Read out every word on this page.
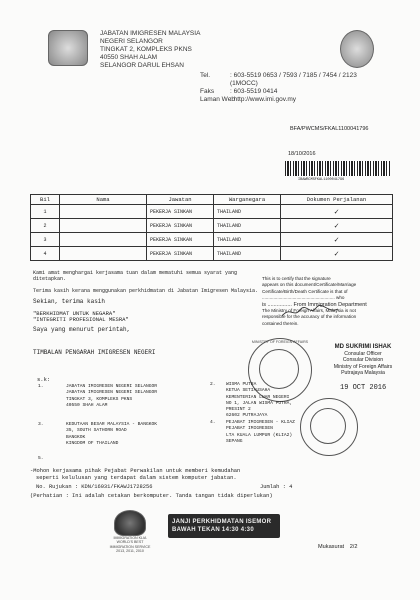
JABATAN IMIGRESEN MALAYSIA
NEGERI SELANGOR
TINGKAT 2, KOMPLEKS PKNS
40550 SHAH ALAM
SELANGOR DARUL EHSAN
Tel.	: 603-5519 0653 / 7593 / 7185 / 7454 / 2123
(1MOCC)
Faks : 603-5519 0414
Laman Web
: http://www.imi.gov.my
BFA/PWCMS/FKAL1100041796
18/10/2016
IBAWBCMSFKAL1100041796
Bil	Nama	Jawatan	Warganegara	Dokumen Perjalanan
1		PEKERJA SINKAN	THAILAND	✓
2		PEKERJA SINKAN	THAILAND	✓
3		PEKERJA SINKAN	THAILAND	✓
4		PEKERJA SINKAN	THAILAND	✓
Kami amat menghargai kerjasama tuan dalam mematuhi semua syarat yang ditetapkan.
Terima kasih kerana menggunakan perkhidmatan di Jabatan Imigresen Malaysia.
Sekian, terima kasih
"BERKHIDMAT UNTUK NEGARA"
"INTEGRITI PROFESIONAL MESRA"
Saya yang menurut perintah,
TIMBALAN PENGARAH IMIGRESEN NEGERI
This is to certify that the signature
appears on this document/Certificate/Marriage
Certificate/Birth/Death Certificate is that of
......................................................... who
is ................ From Immigration Department
The Ministry of Foreign Affairs, Malaysia is not
responsible for the accuracy of the information
contained therein.
MD SUKRIMI ISHAK
Consular Officer
Consular Division
Ministry of Foreign Affairs
Putrajaya Malaysia
MINISTRY OF FOREIGN AFFAIRS
19 OCT 2016
s.k:
1.	JABATAN IMIGRESEN NEGERI SELANGOR
JABATAN IMIGRESEN NEGERI SELANGOR
TINGKAT 3, KOMPLEKS PKNS
40550 SHAH ALAM
2. WISMA PUTRA
KETUA SETIAUSAHA
KEMENTERIAN LUAR NEGERI
NO 1, JALAN WISMA PUTRA, PRESINT 2
62602 PUTRAJAYA
3.	KEDUTAAN BESAR MALAYSIA - BANGKOK
35, SOUTH SATHORN ROAD
BANGKOK
KINGDOM OF THAILAND
4. PEJABAT IMIGRESEN - KLIAZ
PEJABAT IMIGRESEN
LTA KUALA LUMPUR (KLIA2)
SEPANG
5.
-Mohon kerjasama pihak Pejabat Perwakilan untuk memberi kemudahan
seperti kelulusan yang terdapat dalam sistem komputer jabatan.
No. Rujukan : KDN/16031/FKAWJ1728256	Jumlah : 4
(Perhatian : Ini adalah cetakan berkomputer. Tanda tangan tidak diperlukan)
IMMIGRATION KLIA
WORLD'S BEST
IMMIGRATION SERVICE
2013, 2011, 2010
JANJI PERKHIDMATAN ISEMOR BAWAH TEKAN 14:30 4:30
Mukasurat 2/2
